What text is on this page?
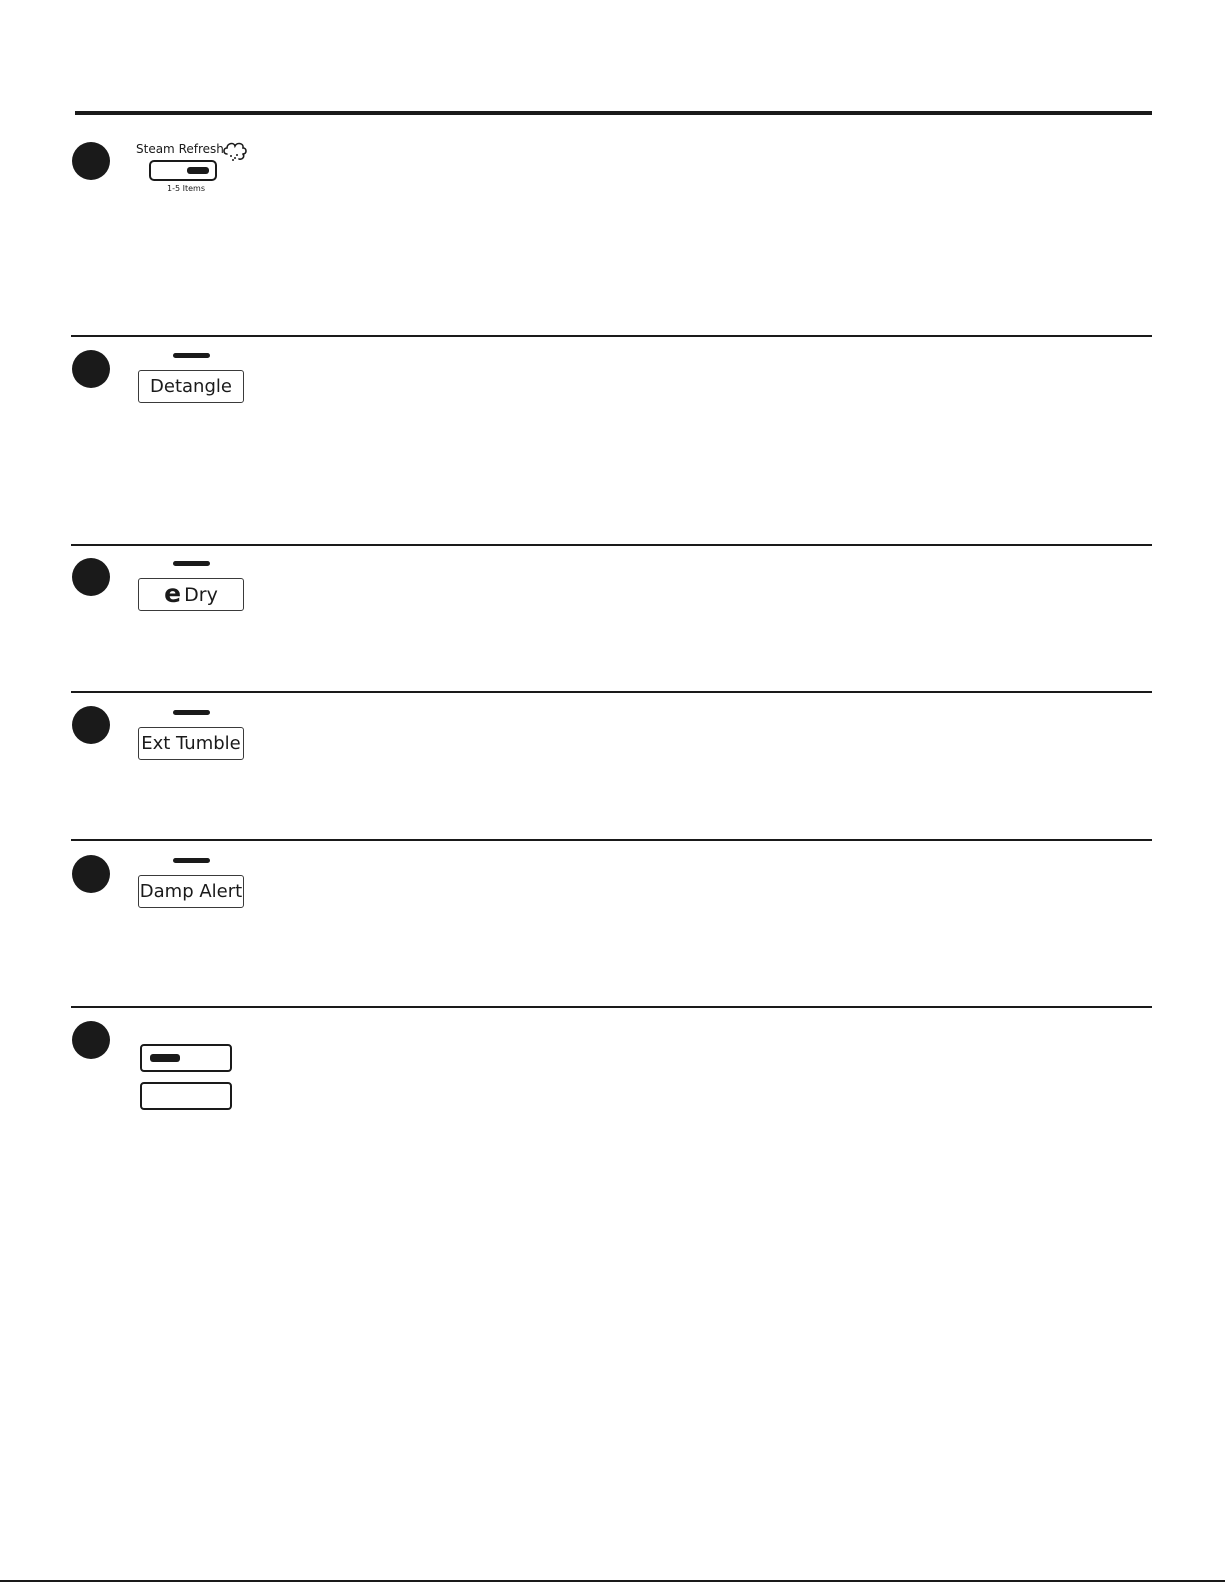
Steam Refresh
1-5 Items
Detangle
e Dry
Ext Tumble
Damp Alert
